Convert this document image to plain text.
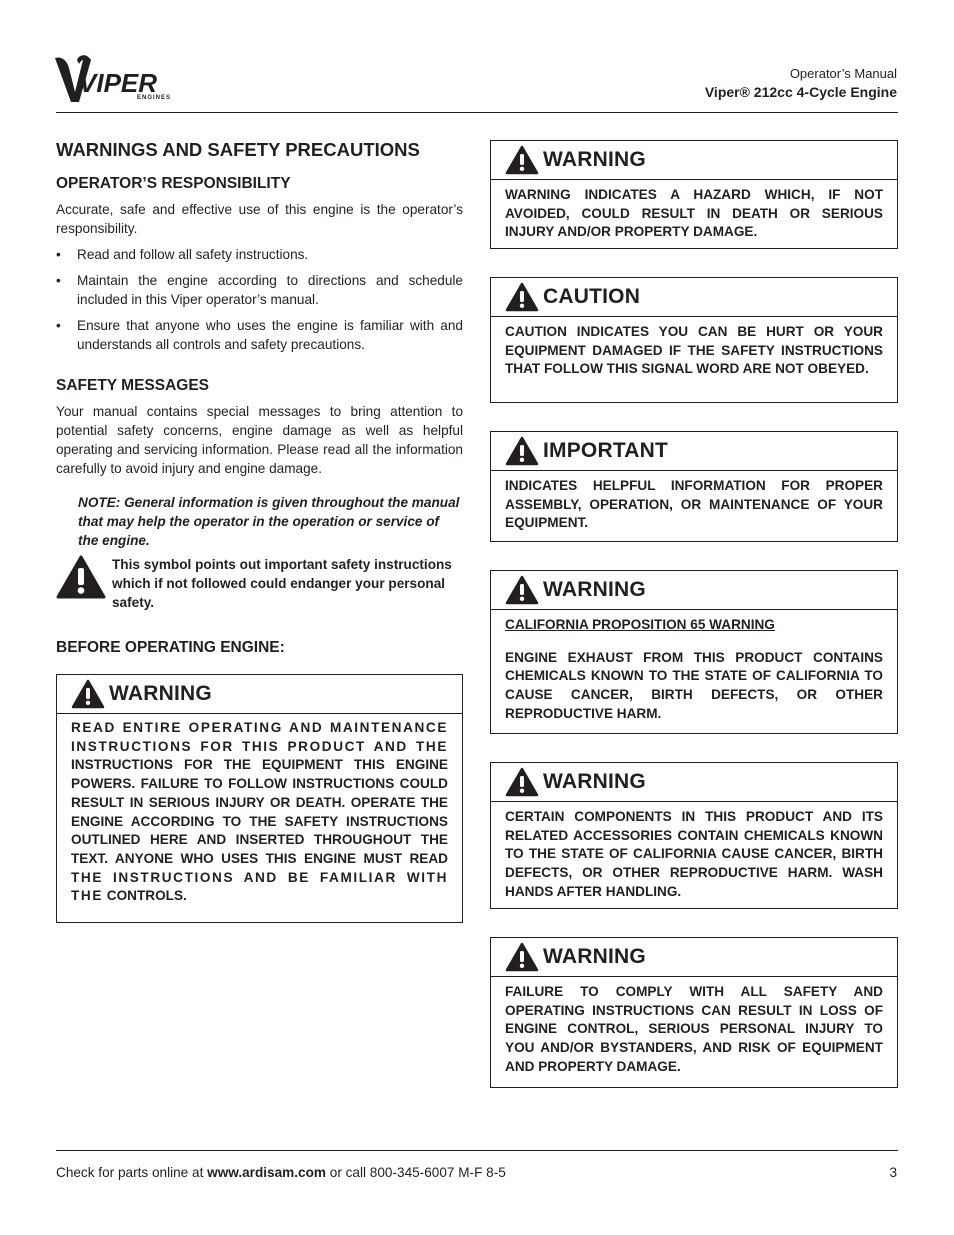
VIPER
ENGINES
Operator’s Manual
Viper® 212cc 4-Cycle Engine
WARNINGS AND SAFETY PRECAUTIONS
OPERATOR’S RESPONSIBILITY

Accurate, safe and effective use of this engine is the operator’s responsibility.

• Read and follow all safety instructions.
• Maintain the engine according to directions and schedule included in this Viper operator’s manual.
• Ensure that anyone who uses the engine is familiar with and understands all controls and safety precautions.
SAFETY MESSAGES

Your manual contains special messages to bring attention to potential safety concerns, engine damage as well as helpful operating and servicing information. Please read all the information carefully to avoid injury and engine damage.

NOTE: General information is given throughout the manual that may help the operator in the operation or service of the engine.

This symbol points out important safety instructions which if not followed could endanger your personal safety.
BEFORE OPERATING ENGINE:
WARNING
READ ENTIRE OPERATING AND MAINTENANCE INSTRUCTIONS FOR THIS PRODUCT AND THE INSTRUCTIONS FOR THE EQUIPMENT THIS ENGINE POWERS. FAILURE TO FOLLOW INSTRUCTIONS COULD RESULT IN SERIOUS INJURY OR DEATH. OPERATE THE ENGINE ACCORDING TO THE SAFETY INSTRUCTIONS OUTLINED HERE AND INSERTED THROUGHOUT THE TEXT. ANYONE WHO USES THIS ENGINE MUST READ THE INSTRUCTIONS AND BE FAMILIAR WITH THE CONTROLS.
WARNING
WARNING INDICATES A HAZARD WHICH, IF NOT AVOIDED, COULD RESULT IN DEATH OR SERIOUS INJURY AND/OR PROPERTY DAMAGE.
CAUTION
CAUTION INDICATES YOU CAN BE HURT OR YOUR EQUIPMENT DAMAGED IF THE SAFETY INSTRUCTIONS THAT FOLLOW THIS SIGNAL WORD ARE NOT OBEYED.
IMPORTANT
INDICATES HELPFUL INFORMATION FOR PROPER ASSEMBLY, OPERATION, OR MAINTENANCE OF YOUR EQUIPMENT.
WARNING
CALIFORNIA PROPOSITION 65 WARNING
ENGINE EXHAUST FROM THIS PRODUCT CONTAINS CHEMICALS KNOWN TO THE STATE OF CALIFORNIA TO CAUSE CANCER, BIRTH DEFECTS, OR OTHER REPRODUCTIVE HARM.
WARNING
CERTAIN COMPONENTS IN THIS PRODUCT AND ITS RELATED ACCESSORIES CONTAIN CHEMICALS KNOWN TO THE STATE OF CALIFORNIA CAUSE CANCER, BIRTH DEFECTS, OR OTHER REPRODUCTIVE HARM. WASH HANDS AFTER HANDLING.
WARNING
FAILURE TO COMPLY WITH ALL SAFETY AND OPERATING INSTRUCTIONS CAN RESULT IN LOSS OF ENGINE CONTROL, SERIOUS PERSONAL INJURY TO YOU AND/OR BYSTANDERS, AND RISK OF EQUIPMENT AND PROPERTY DAMAGE.
Check for parts online at www.ardisam.com or call 800-345-6007 M-F 8-5	3
